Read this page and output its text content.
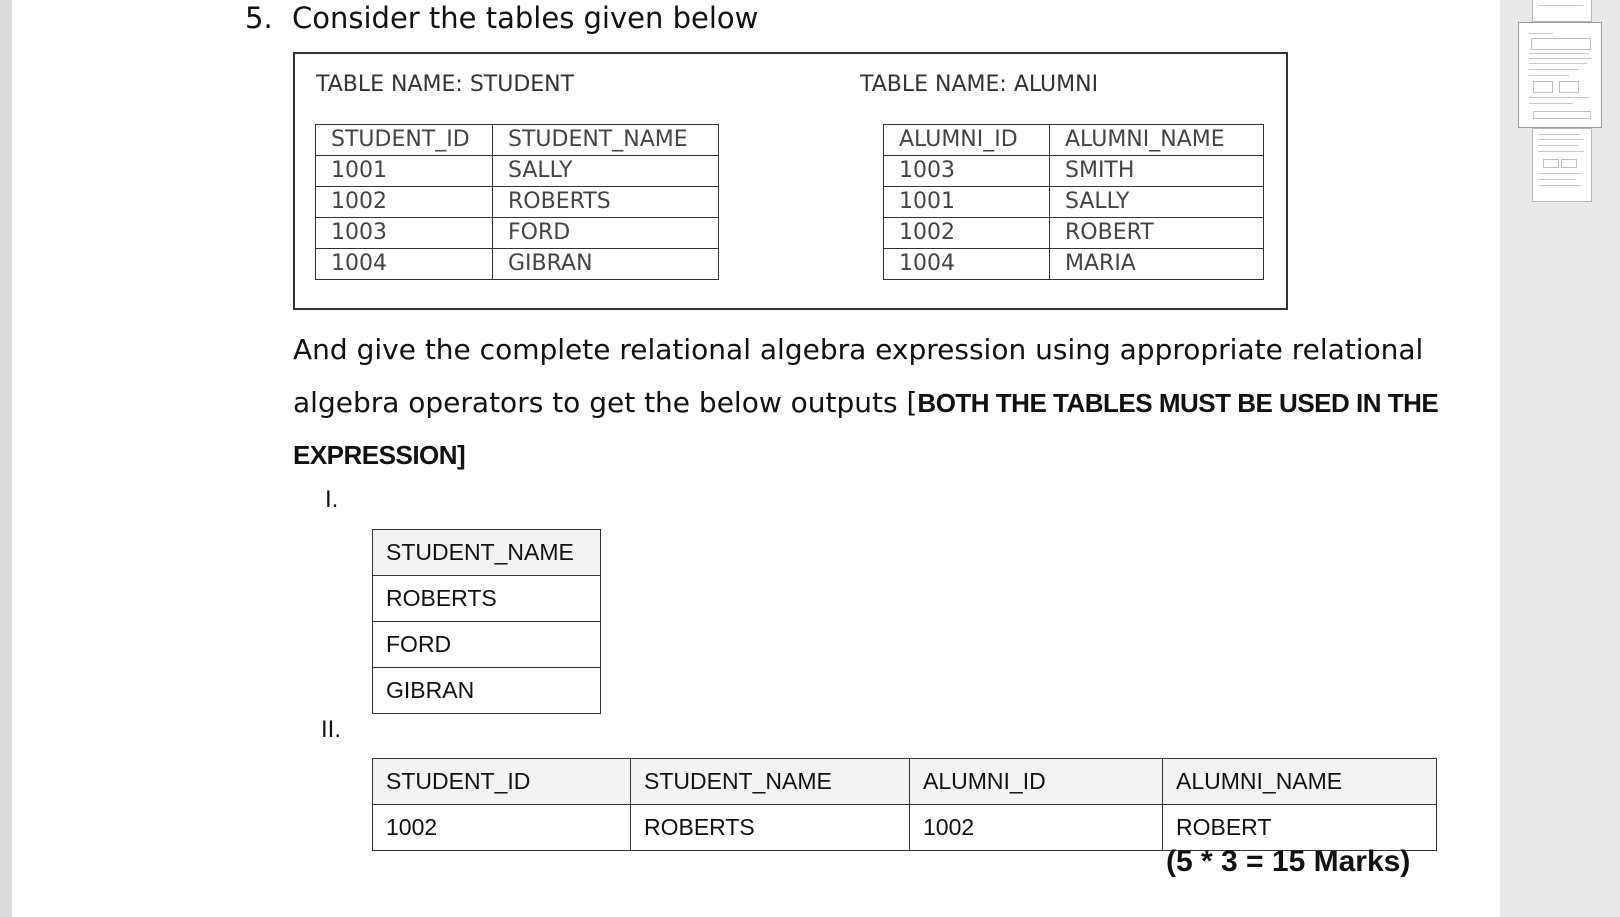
5. Consider the tables given below
TABLE NAME: STUDENT	TABLE NAME: ALUMNI
STUDENT_ID	STUDENT_NAME
1001	SALLY
1002	ROBERTS
1003	FORD
1004	GIBRAN
ALUMNI_ID	ALUMNI_NAME
1003	SMITH
1001	SALLY
1002	ROBERT
1004	MARIA
And give the complete relational algebra expression using appropriate relational
algebra operators to get the below outputs [BOTH THE TABLES MUST BE USED IN THE
EXPRESSION]
I.
STUDENT_NAME
ROBERTS
FORD
GIBRAN
II.
STUDENT_ID	STUDENT_NAME	ALUMNI_ID	ALUMNI_NAME
1002	ROBERTS	1002	ROBERT
(5 * 3 = 15 Marks)
